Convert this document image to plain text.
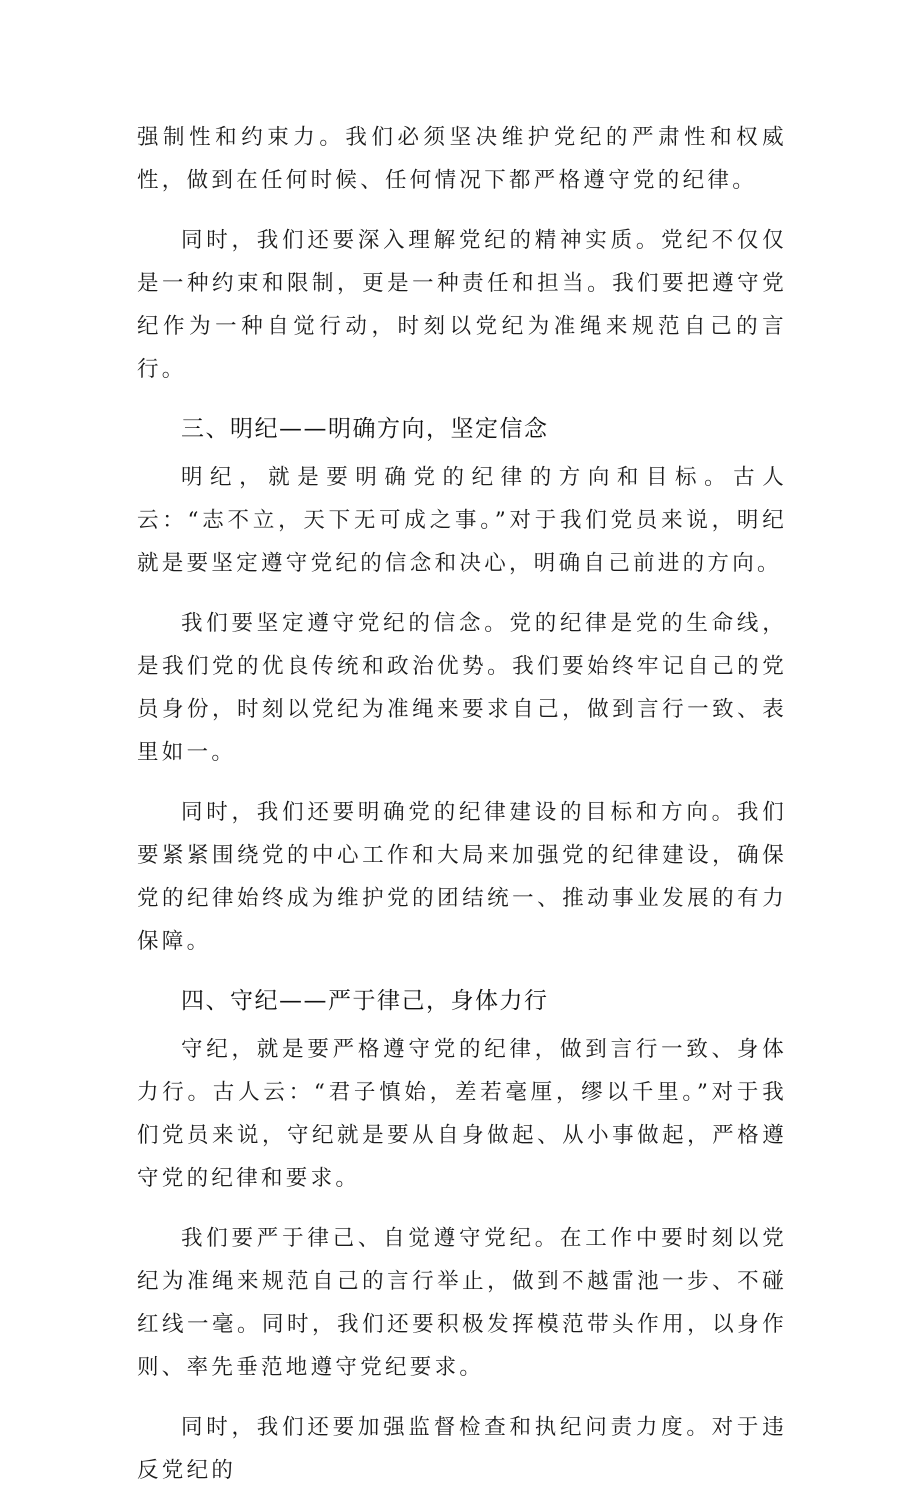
强制性和约束力。我们必须坚决维护党纪的严肃性和权威性，做到在任何时候、任何情况下都严格遵守党的纪律。

同时，我们还要深入理解党纪的精神实质。党纪不仅仅是一种约束和限制，更是一种责任和担当。我们要把遵守党纪作为一种自觉行动，时刻以党纪为准绳来规范自己的言行。

三、明纪——明确方向，坚定信念

明纪，就是要明确党的纪律的方向和目标。古人云：“志不立，天下无可成之事。”对于我们党员来说，明纪就是要坚定遵守党纪的信念和决心，明确自己前进的方向。

我们要坚定遵守党纪的信念。党的纪律是党的生命线，是我们党的优良传统和政治优势。我们要始终牢记自己的党员身份，时刻以党纪为准绳来要求自己，做到言行一致、表里如一。

同时，我们还要明确党的纪律建设的目标和方向。我们要紧紧围绕党的中心工作和大局来加强党的纪律建设，确保党的纪律始终成为维护党的团结统一、推动事业发展的有力保障。

四、守纪——严于律己，身体力行

守纪，就是要严格遵守党的纪律，做到言行一致、身体力行。古人云：“君子慎始，差若毫厘，缪以千里。”对于我们党员来说，守纪就是要从自身做起、从小事做起，严格遵守党的纪律和要求。

我们要严于律己、自觉遵守党纪。在工作中要时刻以党纪为准绳来规范自己的言行举止，做到不越雷池一步、不碰红线一毫。同时，我们还要积极发挥模范带头作用，以身作则、率先垂范地遵守党纪要求。

同时，我们还要加强监督检查和执纪问责力度。对于违反党纪的
